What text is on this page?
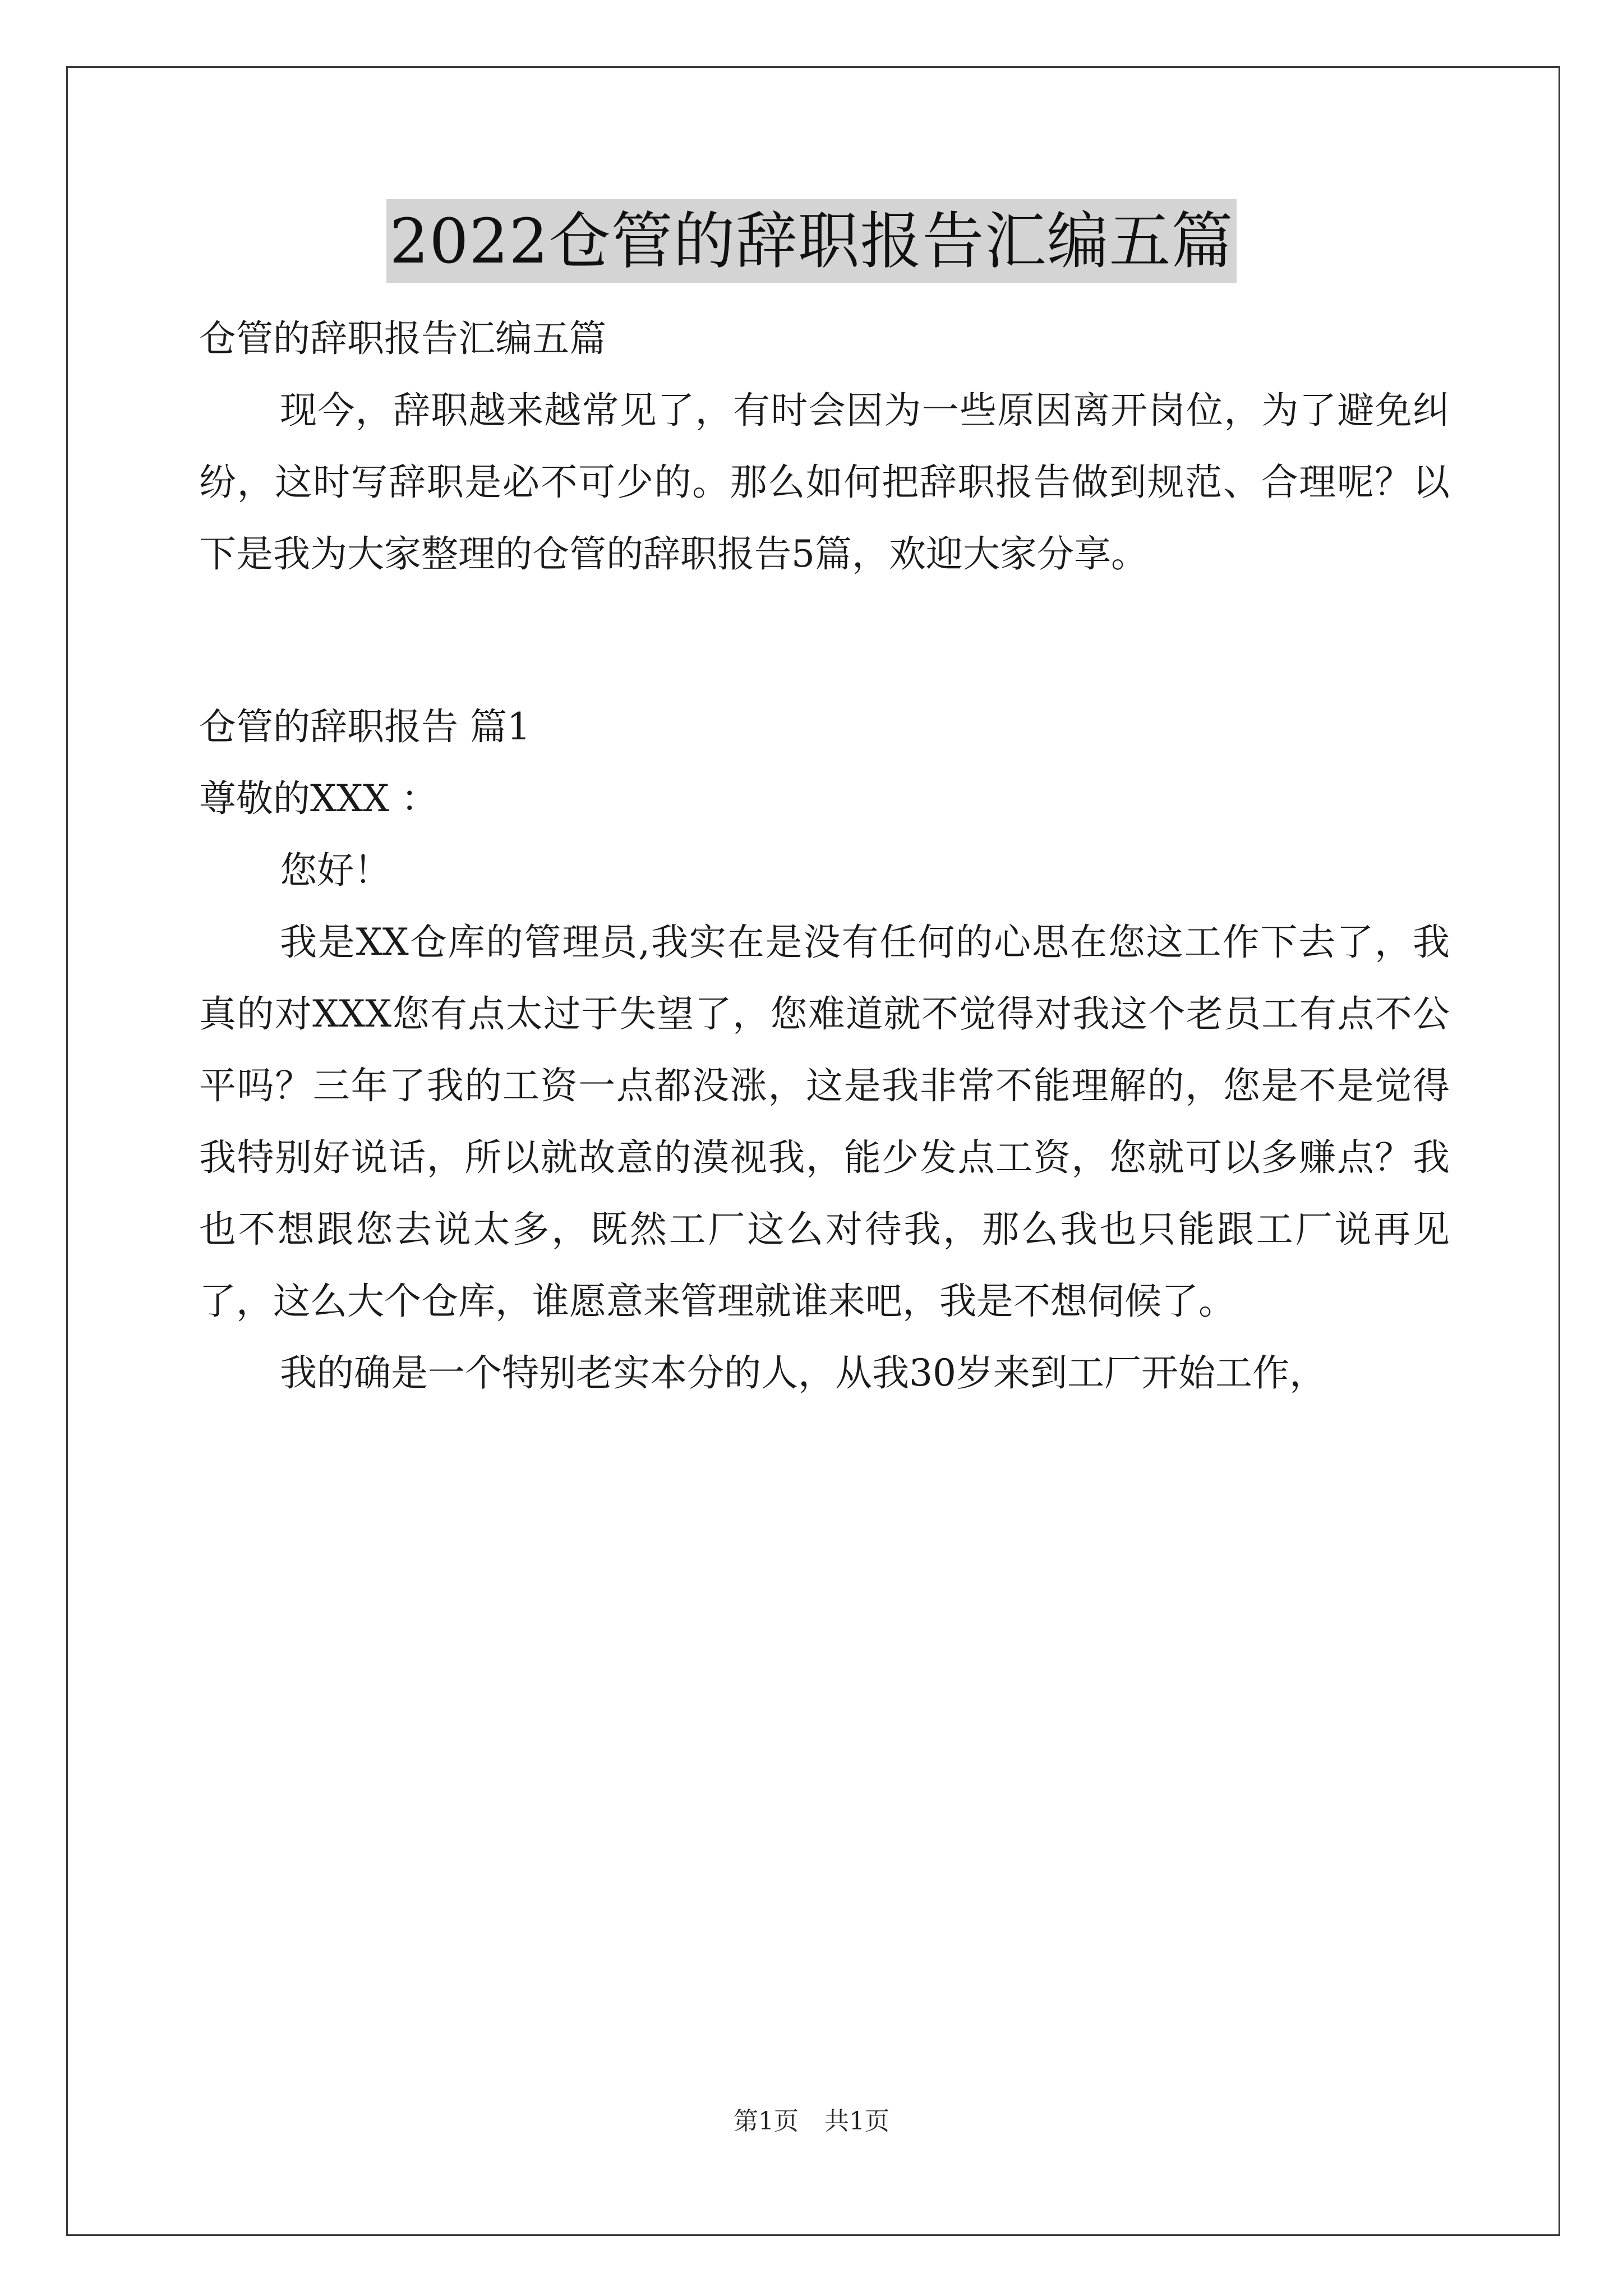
2022仓管的辞职报告汇编五篇

仓管的辞职报告汇编五篇

现今，辞职越来越常见了，有时会因为一些原因离开岗位，为了避免纠纷，这时写辞职是必不可少的。那么如何把辞职报告做到规范、合理呢？以下是我为大家整理的仓管的辞职报告5篇，欢迎大家分享。

仓管的辞职报告 篇1

尊敬的XXX ：

您好！

我是XX仓库的管理员,我实在是没有任何的心思在您这工作下去了，我真的对XXX您有点太过于失望了，您难道就不觉得对我这个老员工有点不公平吗？三年了我的工资一点都没涨，这是我非常不能理解的，您是不是觉得我特别好说话，所以就故意的漠视我，能少发点工资，您就可以多赚点？我也不想跟您去说太多，既然工厂这么对待我，那么我也只能跟工厂说再见了，这么大个仓库，谁愿意来管理就谁来吧，我是不想伺候了。

我的确是一个特别老实本分的人，从我30岁来到工厂开始工作，

第1页 共1页
